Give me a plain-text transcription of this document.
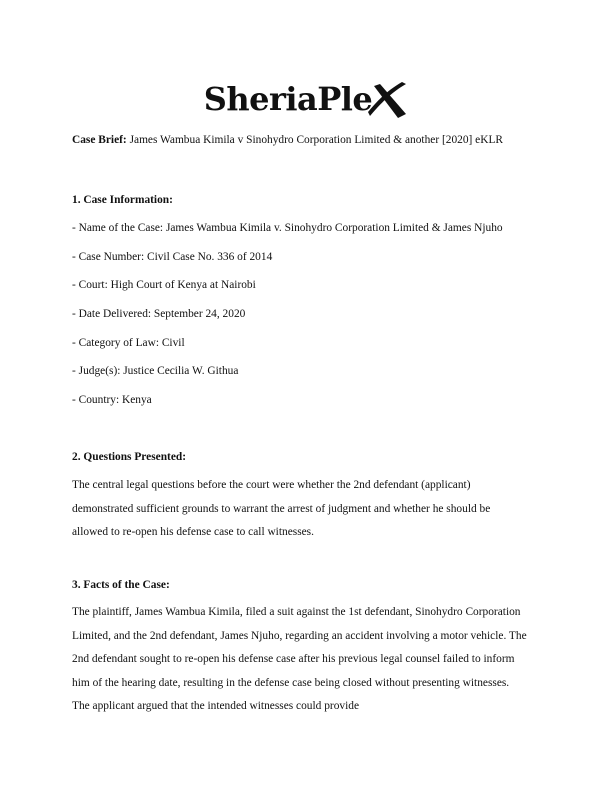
SheriaPle
Case Brief: James Wambua Kimila v Sinohydro Corporation Limited & another [2020] eKLR
1. Case Information:
- Name of the Case: James Wambua Kimila v. Sinohydro Corporation Limited & James Njuho
- Case Number: Civil Case No. 336 of 2014
- Court: High Court of Kenya at Nairobi
- Date Delivered: September 24, 2020
- Category of Law: Civil
- Judge(s): Justice Cecilia W. Githua
- Country: Kenya
2. Questions Presented:
The central legal questions before the court were whether the 2nd defendant (applicant) demonstrated sufficient grounds to warrant the arrest of judgment and whether he should be allowed to re-open his defense case to call witnesses.
3. Facts of the Case:
The plaintiff, James Wambua Kimila, filed a suit against the 1st defendant, Sinohydro Corporation Limited, and the 2nd defendant, James Njuho, regarding an accident involving a motor vehicle. The 2nd defendant sought to re-open his defense case after his previous legal counsel failed to inform him of the hearing date, resulting in the defense case being closed without presenting witnesses. The applicant argued that the intended witnesses could provide
